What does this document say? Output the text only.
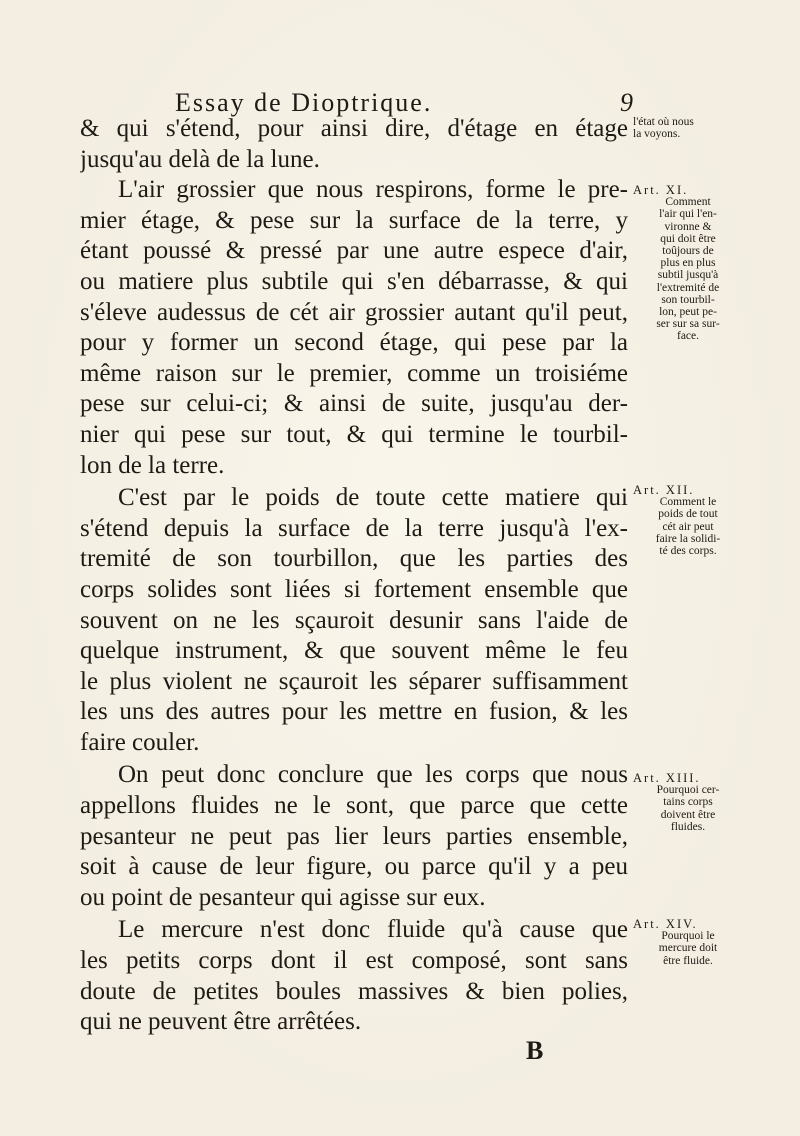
Essay de Dioptrique.	9
& qui s'étend, pour ainsi dire, d'étage en étage
jusqu'au delà de la lune.
L'air grossier que nous respirons, forme le pre-
mier étage, & pese sur la surface de la terre, y
étant poussé & pressé par une autre espece d'air,
ou matiere plus subtile qui s'en débarrasse, & qui
s'éleve audessus de cét air grossier autant qu'il peut,
pour y former un second étage, qui pese par la
même raison sur le premier, comme un troisiéme
pese sur celui-ci; & ainsi de suite, jusqu'au der-
nier qui pese sur tout, & qui termine le tourbil-
lon de la terre.
C'est par le poids de toute cette matiere qui
s'étend depuis la surface de la terre jusqu'à l'ex-
tremité de son tourbillon, que les parties des
corps solides sont liées si fortement ensemble que
souvent on ne les sçauroit desunir sans l'aide de
quelque instrument, & que souvent même le feu
le plus violent ne sçauroit les séparer suffisamment
les uns des autres pour les mettre en fusion, & les
faire couler.
On peut donc conclure que les corps que nous
appellons fluides ne le sont, que parce que cette
pesanteur ne peut pas lier leurs parties ensemble,
soit à cause de leur figure, ou parce qu'il y a peu
ou point de pesanteur qui agisse sur eux.
Le mercure n'est donc fluide qu'à cause que
les petits corps dont il est composé, sont sans
doute de petites boules massives & bien polies,
qui ne peuvent être arrêtées.
l'état où nous
la voyons.
Art. XI.
Comment
l'air qui l'en-
vironne &
qui doit être
toûjours de
plus en plus
subtil jusqu'à
l'extremité de
son tourbil-
lon, peut pe-
ser sur sa sur-
face.
Art. XII.
Comment le
poids de tout
cét air peut
faire la solidi-
té des corps.
Art. XIII.
Pourquoi cer-
tains corps
doivent être
fluides.
Art. XIV.
Pourquoi le
mercure doit
être fluide.
B
